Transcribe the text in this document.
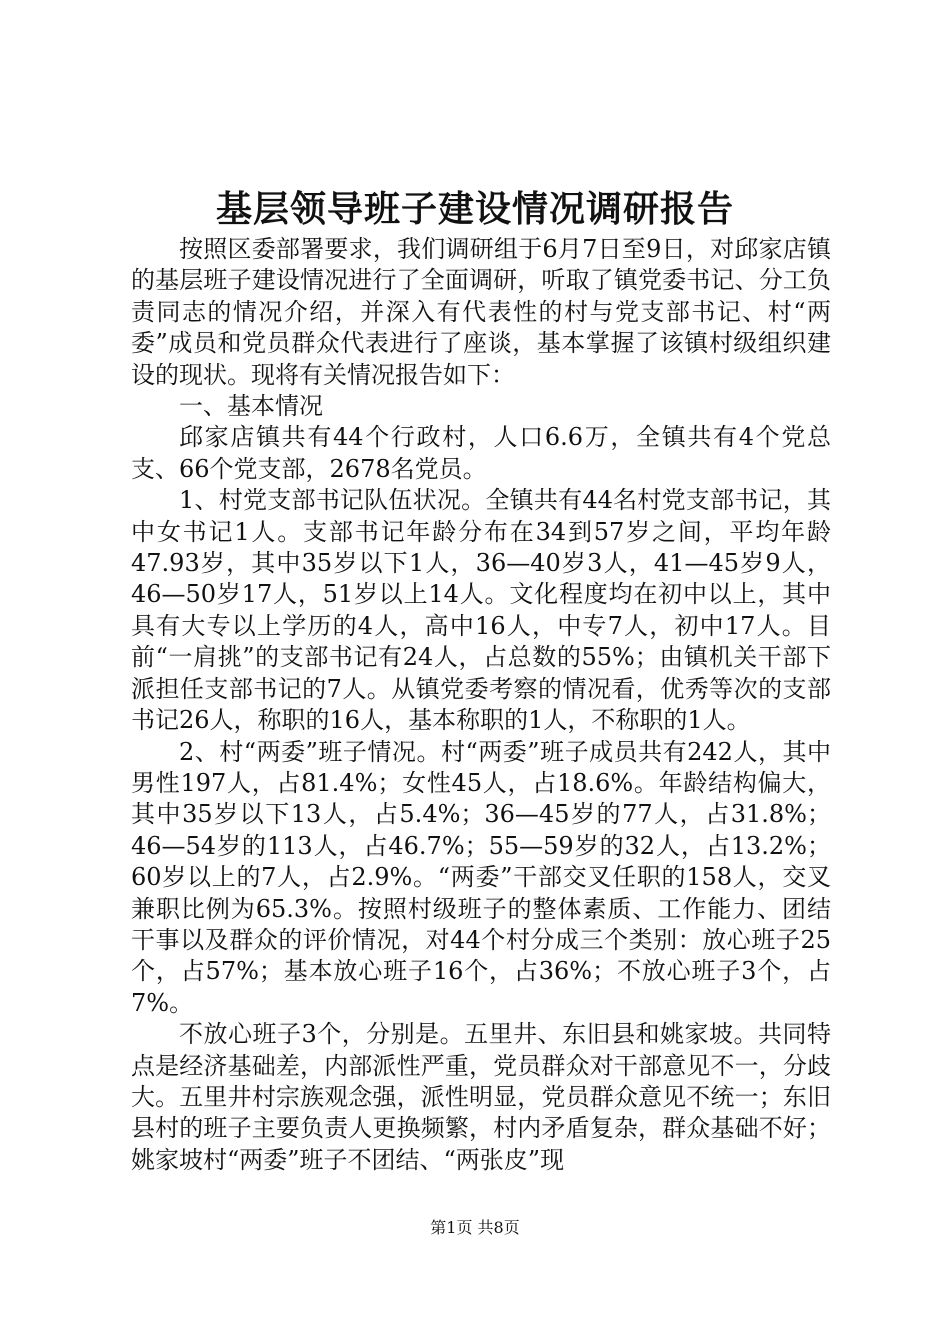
基层领导班子建设情况调研报告

按照区委部署要求，我们调研组于6月7日至9日，对邱家店镇的基层班子建设情况进行了全面调研，听取了镇党委书记、分工负责同志的情况介绍，并深入有代表性的村与党支部书记、村“两委”成员和党员群众代表进行了座谈，基本掌握了该镇村级组织建设的现状。现将有关情况报告如下：

一、基本情况

邱家店镇共有44个行政村，人口6.6万，全镇共有4个党总支、66个党支部，2678名党员。

1、村党支部书记队伍状况。全镇共有44名村党支部书记，其中女书记1人。支部书记年龄分布在34到57岁之间，平均年龄47.93岁，其中35岁以下1人，36—40岁3人，41—45岁9人，46—50岁17人，51岁以上14人。文化程度均在初中以上，其中具有大专以上学历的4人，高中16人，中专7人，初中17人。目前“一肩挑”的支部书记有24人，占总数的55%；由镇机关干部下派担任支部书记的7人。从镇党委考察的情况看，优秀等次的支部书记26人，称职的16人，基本称职的1人，不称职的1人。

2、村“两委”班子情况。村“两委”班子成员共有242人，其中男性197人，占81.4%；女性45人，占18.6%。年龄结构偏大，其中35岁以下13人，占5.4%；36—45岁的77人，占31.8%；46—54岁的113人，占46.7%；55—59岁的32人，占13.2%；60岁以上的7人，占2.9%。“两委”干部交叉任职的158人，交叉兼职比例为65.3%。按照村级班子的整体素质、工作能力、团结干事以及群众的评价情况，对44个村分成三个类别：放心班子25个，占57%；基本放心班子16个，占36%；不放心班子3个，占7%。

不放心班子3个，分别是。五里井、东旧县和姚家坡。共同特点是经济基础差，内部派性严重，党员群众对干部意见不一，分歧大。五里井村宗族观念强，派性明显，党员群众意见不统一；东旧县村的班子主要负责人更换频繁，村内矛盾复杂，群众基础不好；姚家坡村“两委”班子不团结、“两张皮”现

第1页 共8页
